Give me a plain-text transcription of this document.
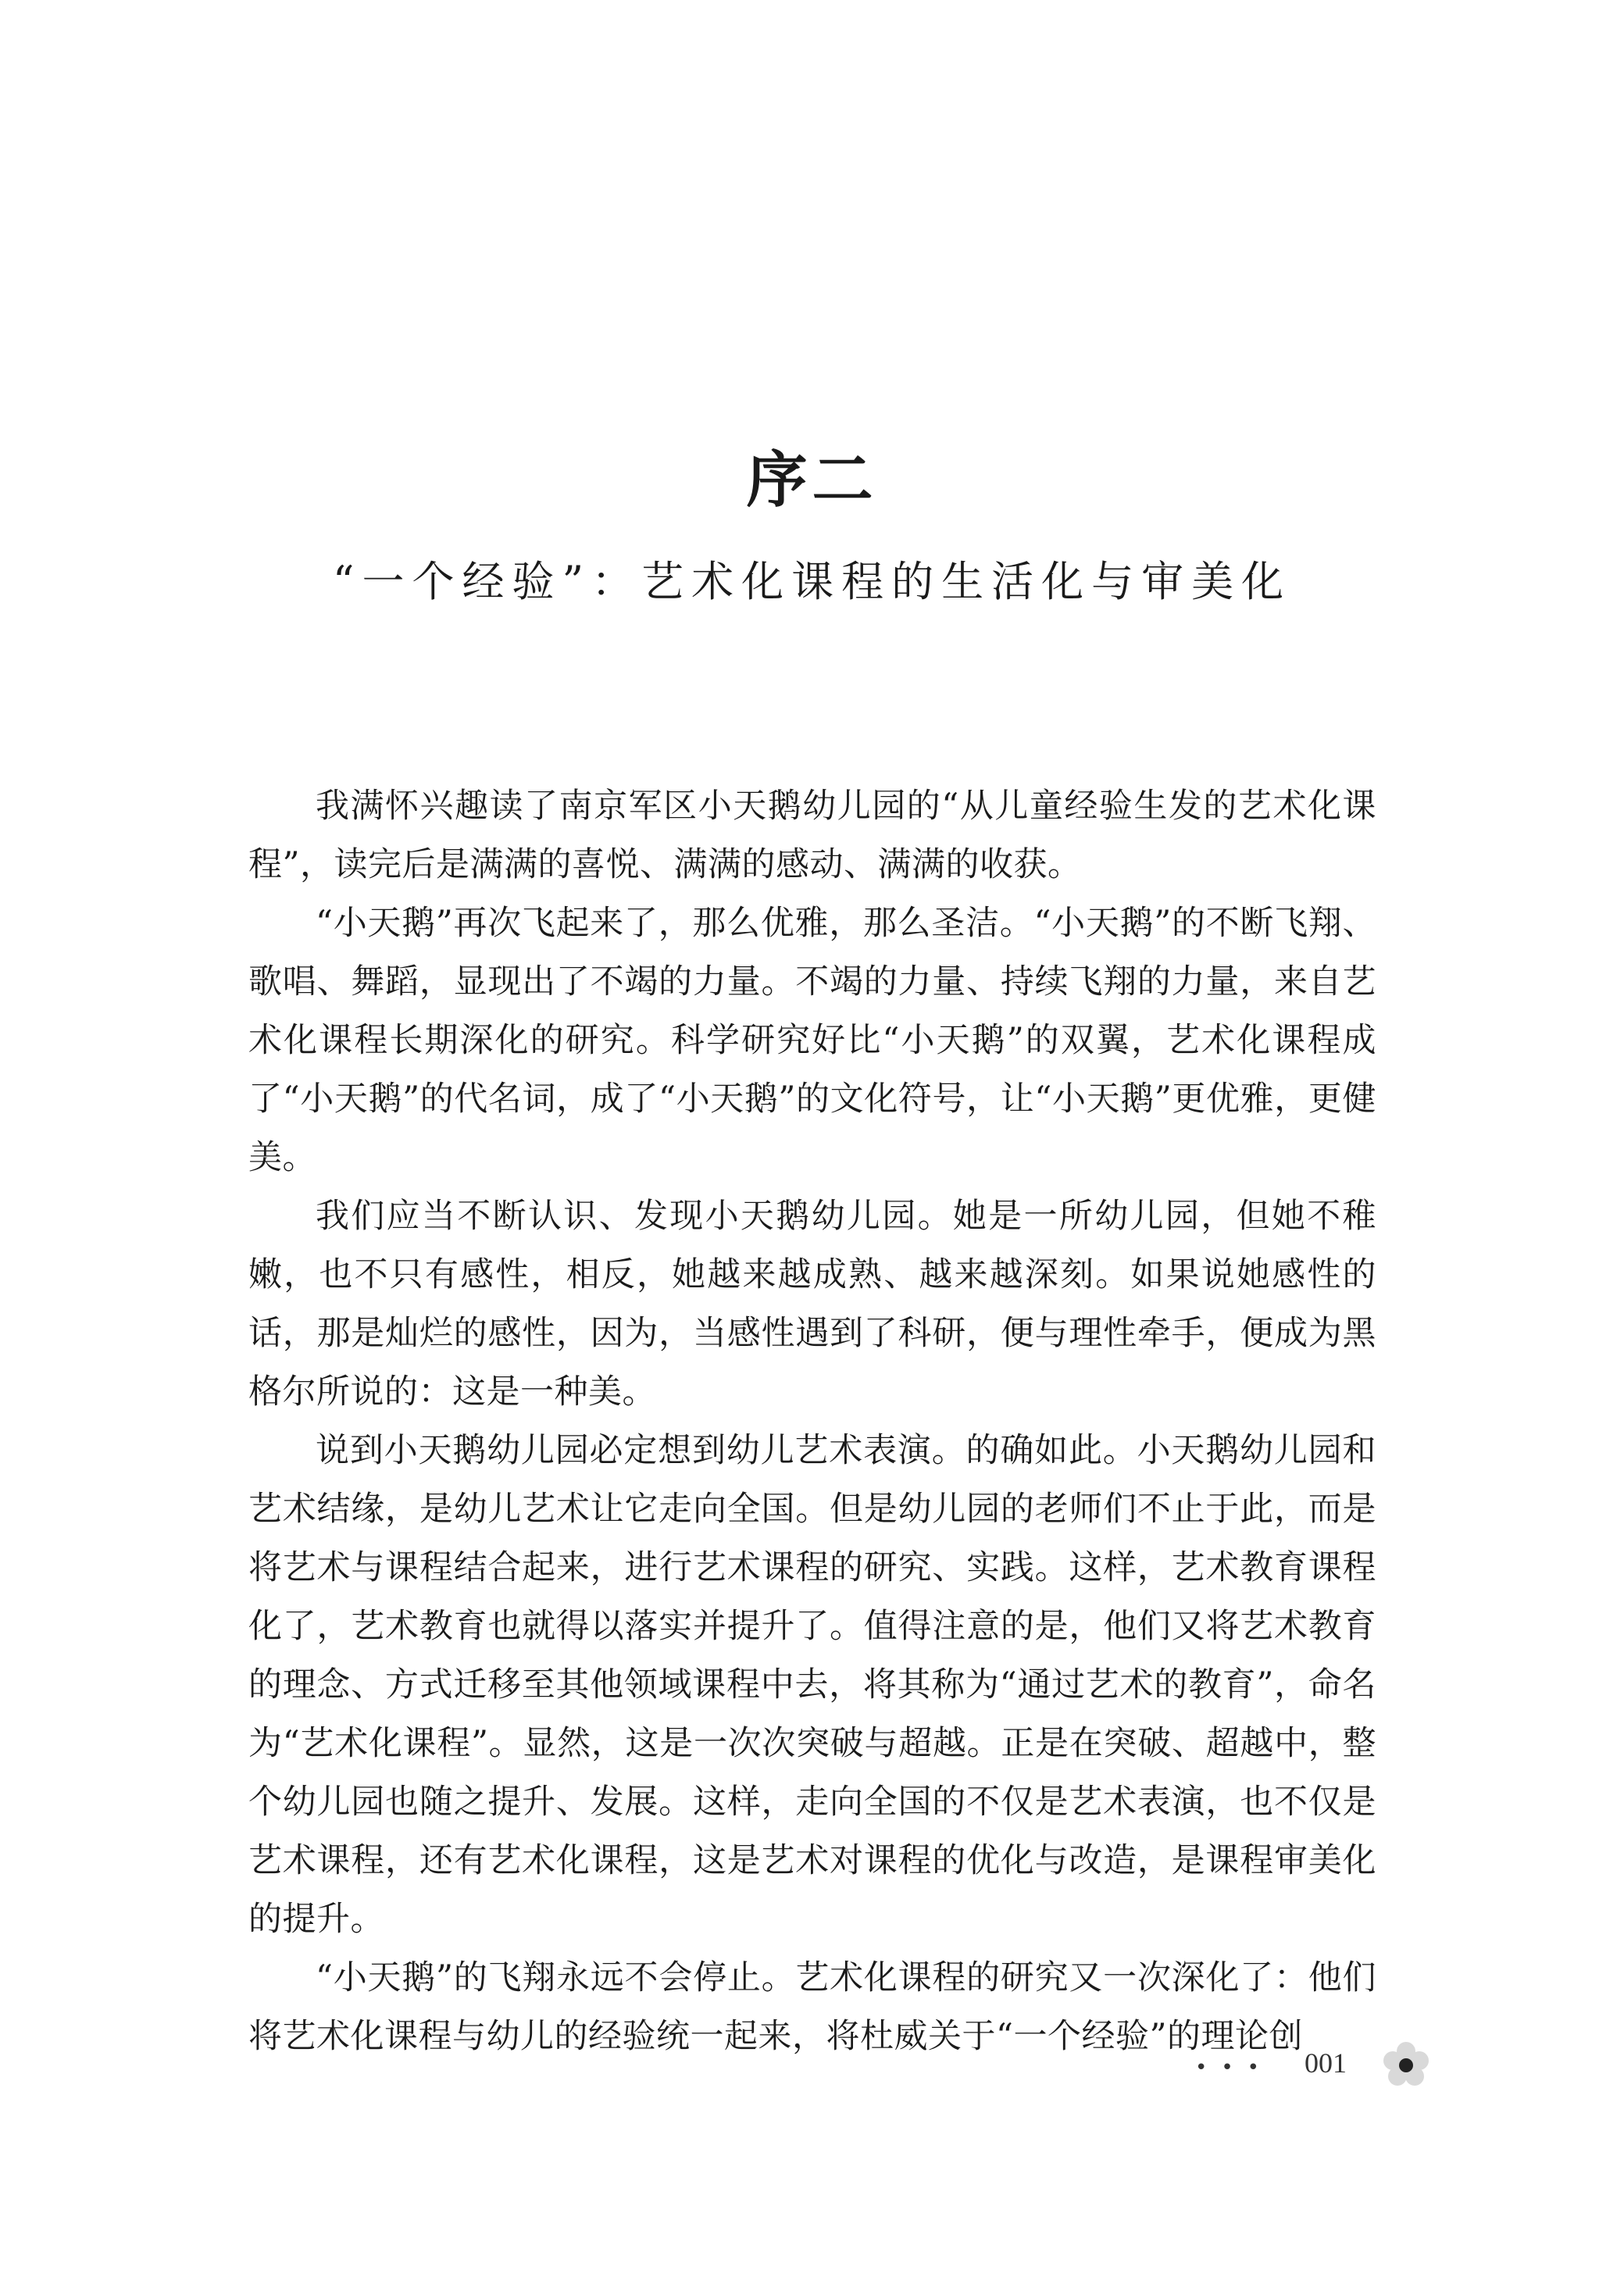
序二
“一个经验”：艺术化课程的生活化与审美化

我满怀兴趣读了南京军区小天鹅幼儿园的“从儿童经验生发的艺术化课程”，读完后是满满的喜悦、满满的感动、满满的收获。

“小天鹅”再次飞起来了，那么优雅，那么圣洁。“小天鹅”的不断飞翔、歌唱、舞蹈，显现出了不竭的力量。不竭的力量、持续飞翔的力量，来自艺术化课程长期深化的研究。科学研究好比“小天鹅”的双翼，艺术化课程成了“小天鹅”的代名词，成了“小天鹅”的文化符号，让“小天鹅”更优雅，更健美。

我们应当不断认识、发现小天鹅幼儿园。她是一所幼儿园，但她不稚嫩，也不只有感性，相反，她越来越成熟、越来越深刻。如果说她感性的话，那是灿烂的感性，因为，当感性遇到了科研，便与理性牵手，便成为黑格尔所说的：这是一种美。

说到小天鹅幼儿园必定想到幼儿艺术表演。的确如此。小天鹅幼儿园和艺术结缘，是幼儿艺术让它走向全国。但是幼儿园的老师们不止于此，而是将艺术与课程结合起来，进行艺术课程的研究、实践。这样，艺术教育课程化了，艺术教育也就得以落实并提升了。值得注意的是，他们又将艺术教育的理念、方式迁移至其他领域课程中去，将其称为“通过艺术的教育”，命名为“艺术化课程”。显然，这是一次次突破与超越。正是在突破、超越中，整个幼儿园也随之提升、发展。这样，走向全国的不仅是艺术表演，也不仅是艺术课程，还有艺术化课程，这是艺术对课程的优化与改造，是课程审美化的提升。

“小天鹅”的飞翔永远不会停止。艺术化课程的研究又一次深化了：他们将艺术化课程与幼儿的经验统一起来，将杜威关于“一个经验”的理论创

••• 001
